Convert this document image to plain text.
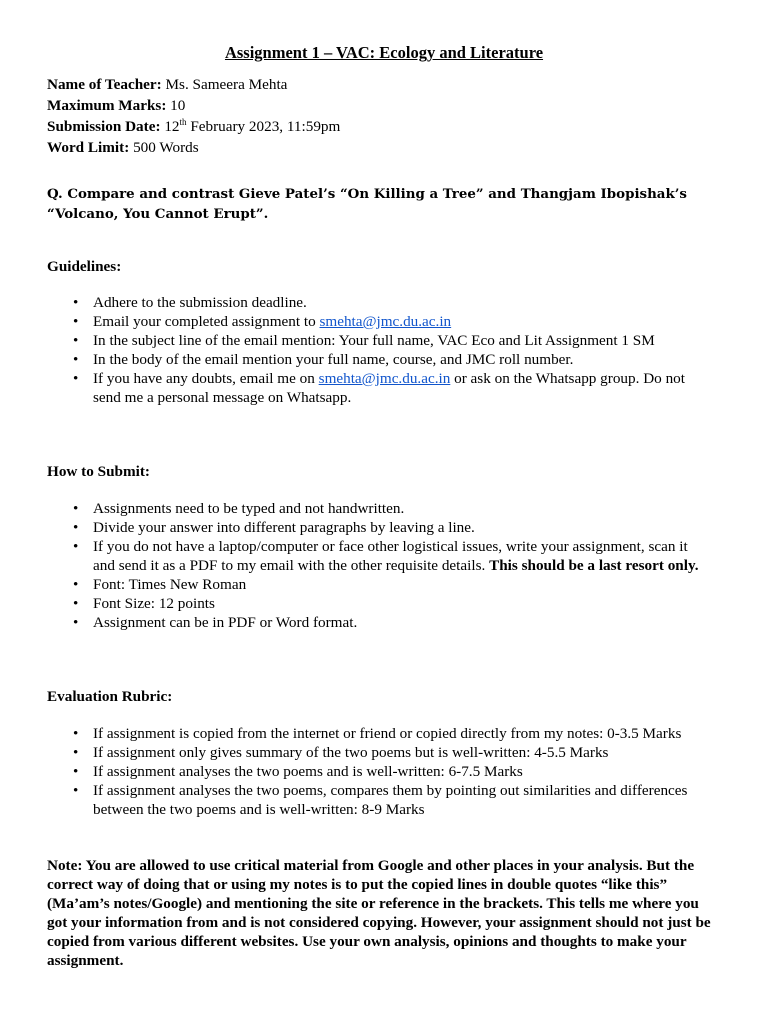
Assignment 1 – VAC: Ecology and Literature
Name of Teacher: Ms. Sameera Mehta
Maximum Marks: 10
Submission Date: 12th February 2023, 11:59pm
Word Limit: 500 Words
Q. Compare and contrast Gieve Patel’s “On Killing a Tree” and Thangjam Ibopishak’s “Volcano, You Cannot Erupt”.
Guidelines:
• Adhere to the submission deadline.
• Email your completed assignment to smehta@jmc.du.ac.in
• In the subject line of the email mention: Your full name, VAC Eco and Lit Assignment 1 SM
• In the body of the email mention your full name, course, and JMC roll number.
• If you have any doubts, email me on smehta@jmc.du.ac.in or ask on the Whatsapp group. Do not send me a personal message on Whatsapp.
How to Submit:
• Assignments need to be typed and not handwritten.
• Divide your answer into different paragraphs by leaving a line.
• If you do not have a laptop/computer or face other logistical issues, write your assignment, scan it and send it as a PDF to my email with the other requisite details. This should be a last resort only.
• Font: Times New Roman
• Font Size: 12 points
• Assignment can be in PDF or Word format.
Evaluation Rubric:
• If assignment is copied from the internet or friend or copied directly from my notes: 0-3.5 Marks
• If assignment only gives summary of the two poems but is well-written: 4-5.5 Marks
• If assignment analyses the two poems and is well-written: 6-7.5 Marks
• If assignment analyses the two poems, compares them by pointing out similarities and differences between the two poems and is well-written: 8-9 Marks
Note: You are allowed to use critical material from Google and other places in your analysis. But the correct way of doing that or using my notes is to put the copied lines in double quotes “like this” (Ma’am’s notes/Google) and mentioning the site or reference in the brackets. This tells me where you got your information from and is not considered copying. However, your assignment should not just be copied from various different websites. Use your own analysis, opinions and thoughts to make your assignment.
